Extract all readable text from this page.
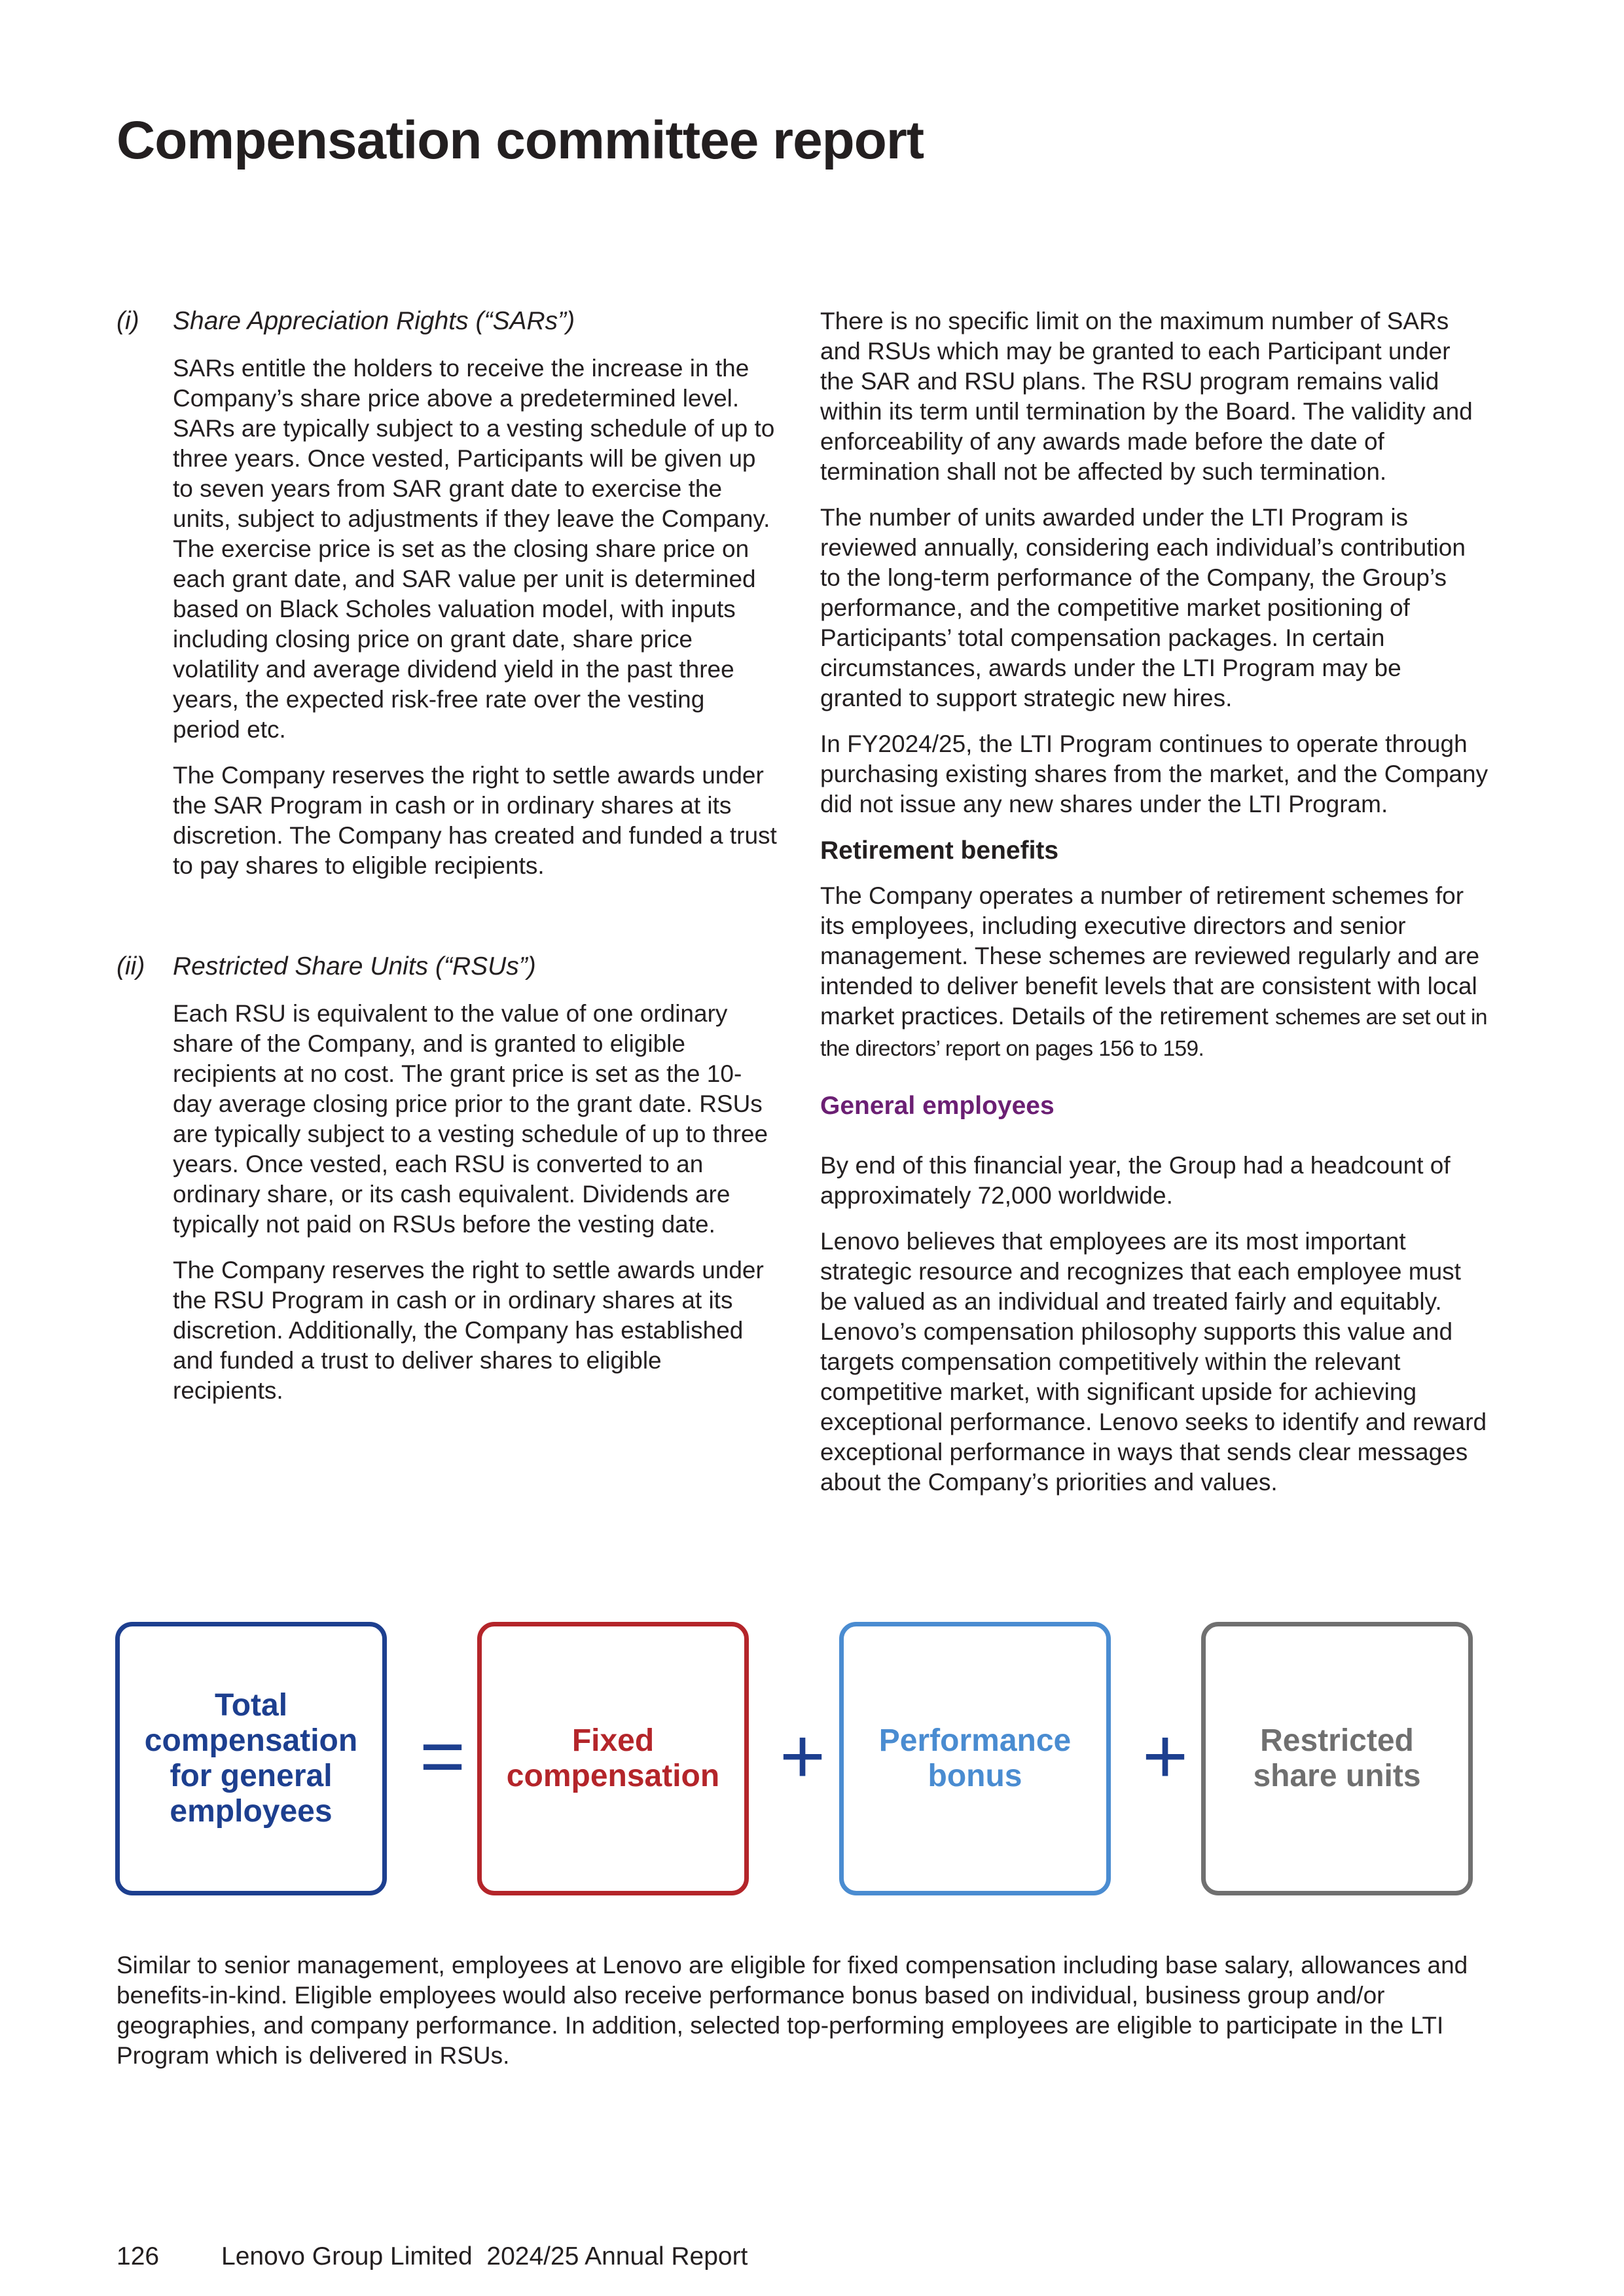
Compensation committee report
(i) Share Appreciation Rights (“SARs”)

SARs entitle the holders to receive the increase in the Company’s share price above a predetermined level. SARs are typically subject to a vesting schedule of up to three years. Once vested, Participants will be given up to seven years from SAR grant date to exercise the units, subject to adjustments if they leave the Company. The exercise price is set as the closing share price on each grant date, and SAR value per unit is determined based on Black Scholes valuation model, with inputs including closing price on grant date, share price volatility and average dividend yield in the past three years, the expected risk-free rate over the vesting period etc.

The Company reserves the right to settle awards under the SAR Program in cash or in ordinary shares at its discretion. The Company has created and funded a trust to pay shares to eligible recipients.

(ii) Restricted Share Units (“RSUs”)

Each RSU is equivalent to the value of one ordinary share of the Company, and is granted to eligible recipients at no cost. The grant price is set as the 10-day average closing price prior to the grant date. RSUs are typically subject to a vesting schedule of up to three years. Once vested, each RSU is converted to an ordinary share, or its cash equivalent. Dividends are typically not paid on RSUs before the vesting date.

The Company reserves the right to settle awards under the RSU Program in cash or in ordinary shares at its discretion. Additionally, the Company has established and funded a trust to deliver shares to eligible recipients.

There is no specific limit on the maximum number of SARs and RSUs which may be granted to each Participant under the SAR and RSU plans. The RSU program remains valid within its term until termination by the Board. The validity and enforceability of any awards made before the date of termination shall not be affected by such termination.

The number of units awarded under the LTI Program is reviewed annually, considering each individual’s contribution to the long-term performance of the Company, the Group’s performance, and the competitive market positioning of Participants’ total compensation packages. In certain circumstances, awards under the LTI Program may be granted to support strategic new hires.

In FY2024/25, the LTI Program continues to operate through purchasing existing shares from the market, and the Company did not issue any new shares under the LTI Program.

Retirement benefits

The Company operates a number of retirement schemes for its employees, including executive directors and senior management. These schemes are reviewed regularly and are intended to deliver benefit levels that are consistent with local market practices. Details of the retirement schemes are set out in the directors’ report on pages 156 to 159.

General employees

By end of this financial year, the Group had a headcount of approximately 72,000 worldwide.

Lenovo believes that employees are its most important strategic resource and recognizes that each employee must be valued as an individual and treated fairly and equitably. Lenovo’s compensation philosophy supports this value and targets compensation competitively within the relevant competitive market, with significant upside for achieving exceptional performance. Lenovo seeks to identify and reward exceptional performance in ways that sends clear messages about the Company’s priorities and values.

Total compensation for general employees
=	Fixed compensation +	Performance bonus	+	Restricted share units

Similar to senior management, employees at Lenovo are eligible for fixed compensation including base salary, allowances and benefits-in-kind. Eligible employees would also receive performance bonus based on individual, business group and/or geographies, and company performance. In addition, selected top-performing employees are eligible to participate in the LTI Program which is delivered in RSUs.

126 Lenovo Group Limited  2024/25 Annual Report
